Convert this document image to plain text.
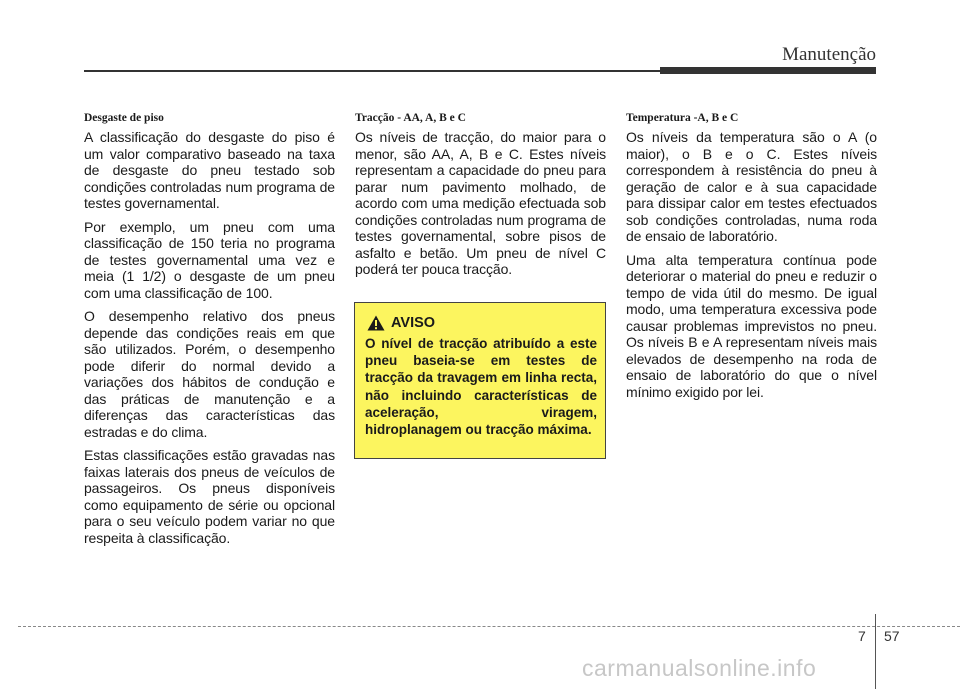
Manutenção
Desgaste de piso

A classificação do desgaste do piso é um valor comparativo baseado na taxa de desgaste do pneu testado sob condições controladas num programa de testes governamental.

Por exemplo, um pneu com uma classificação de 150 teria no programa de testes governamental uma vez e meia (1 1/2) o desgaste de um pneu com uma classificação de 100.

O desempenho relativo dos pneus depende das condições reais em que são utilizados. Porém, o desempenho pode diferir do normal devido a variações dos hábitos de condução e das práticas de manutenção e a diferenças das características das estradas e do clima.

Estas classificações estão gravadas nas faixas laterais dos pneus de veículos de passageiros. Os pneus disponíveis como equipamento de série ou opcional para o seu veículo podem variar no que respeita à classificação.

Tracção - AA, A, B e C

Os níveis de tracção, do maior para o menor, são AA, A, B e C. Estes níveis representam a capacidade do pneu para parar num pavimento molhado, de acordo com uma medição efectuada sob condições controladas num programa de testes governamental, sobre pisos de asfalto e betão. Um pneu de nível C poderá ter pouca tracção.

AVISO

O nível de tracção atribuído a este pneu baseia-se em testes de tracção da travagem em linha recta, não incluindo características de aceleração, viragem, hidroplanagem ou tracção máxima.

Temperatura -A, B e C

Os níveis da temperatura são o A (o maior), o B e o C. Estes níveis correspondem à resistência do pneu à geração de calor e à sua capacidade para dissipar calor em testes efectuados sob condições controladas, numa roda de ensaio de laboratório.

Uma alta temperatura contínua pode deteriorar o material do pneu e reduzir o tempo de vida útil do mesmo. De igual modo, uma temperatura excessiva pode causar problemas imprevistos no pneu. Os níveis B e A representam níveis mais elevados de desempenho na roda de ensaio de laboratório do que o nível mínimo exigido por lei.

7 57
carmanualsonline.info
